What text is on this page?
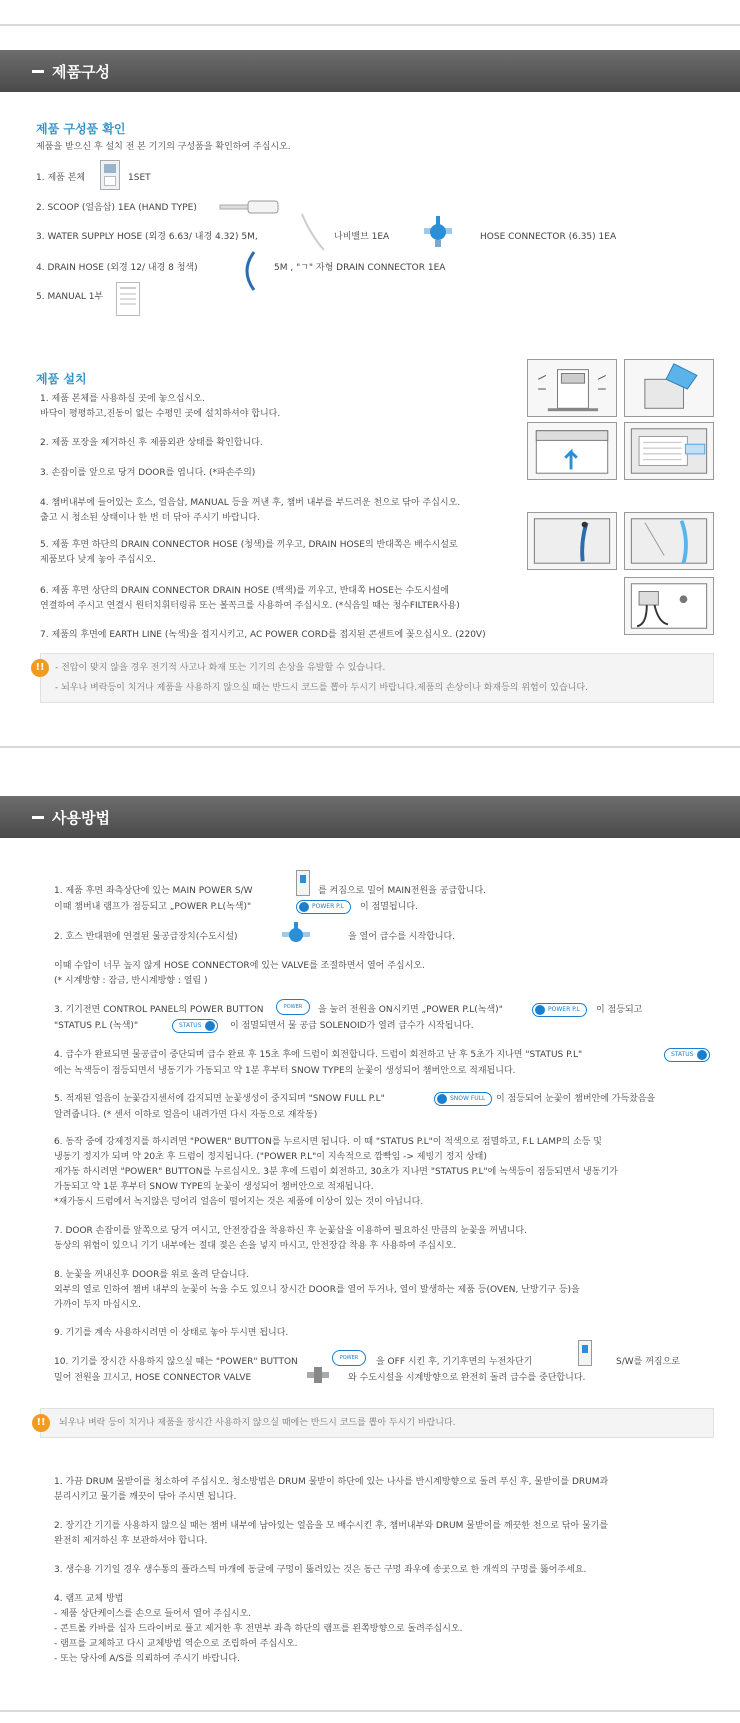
제품구성
제품 구성품 확인
제품을 받으신 후 설치 전 본 기기의 구성품을 확인하여 주십시오.
1. 제품 본체	1SET
2. SCOOP (얼음삽) 1EA (HAND TYPE)
3. WATER SUPPLY HOSE (외경 6.63/ 내경 4.32) 5M,	나비밸브 1EA	HOSE CONNECTOR (6.35) 1EA
4. DRAIN HOSE (외경 12/ 내경 8 청색)	5M , "ㄱ" 자형 DRAIN CONNECTOR 1EA
5. MANUAL 1부
제품 설치
1. 제품 본체를 사용하실 곳에 놓으십시오.
바닥이 평평하고,진동이 없는 수평인 곳에 설치하셔야 합니다.
2. 제품 포장을 제거하신 후 제품외관 상태를 확인합니다.
3. 손잡이를 앞으로 당겨 DOOR를 엽니다. (*파손주의)
4. 챔버내부에 들어있는 호스, 얼음삽, MANUAL 등을 꺼낸 후, 챔버 내부를 부드러운 천으로 닦아 주십시오.
출고 시 청소된 상태이나 한 번 더 닦아 주시기 바랍니다.
5. 제품 후면 하단의 DRAIN CONNECTOR HOSE (청색)를 끼우고, DRAIN HOSE의 반대쪽은 배수시설로
제품보다 낮게 놓아 주십시오.
6. 제품 후면 상단의 DRAIN CONNECTOR DRAIN HOSE (백색)를 끼우고, 반대쪽 HOSE는 수도시설에
연결하여 주시고 연결시 원터치휘터링류 또는 볼꼭크를 사용하여 주십시오. (*식음일 때는 청수FILTER사용)
7. 제품의 후면에 EARTH LINE (녹색)을 접지시키고, AC POWER CORD를 접지된 콘센트에 꽂으십시오. (220V)
- 전압이 맞지 않을 경우 전기적 사고나 화재 또는 기기의 손상을 유발할 수 있습니다.
- 뇌우나 벼락등이 치거나 제품을 사용하지 않으실 때는 반드시 코드를 뽑아 두시기 바랍니다.제품의 손상이나 화재등의 위험이 있습니다.
!!
사용방법
1. 제품 후면 좌측상단에 있는 MAIN POWER S/W	를 켜짐으로 밀어 MAIN전원을 공급합니다.
이때 챔버내 램프가 점등되고 „POWER P.L(녹색)"	POWER P.L	이 점멸됩니다.
2. 호스 반대편에 연결된 물공급장치(수도시설)	을 열어 급수를 시작합니다.
이때 수압이 너무 높지 않게 HOSE CONNECTOR에 있는 VALVE를 조절하면서 열어 주십시오.
(* 시계방향 : 잠금, 반시계방향 : 열림 )
3. 기기전면 CONTROL PANEL의 POWER BUTTON	POWER	을 눌러 전원을 ON시키면 „POWER P.L(녹색)"	POWER P.L	이 점등되고
"STATUS P.L (녹색)"	STATUS	이 점멸되면서 물 공급 SOLENOID가 열려 급수가 시작됩니다.
4. 급수가 완료되면 물공급이 중단되며 급수 완료 후 15초 후에 드럼이 회전합니다. 드럼이 회전하고 난 후 5초가 지나면 "STATUS P.L"	STATUS
에는 녹색등이 점등되면서 냉동기가 가동되고 약 1분 후부터 SNOW TYPE의 눈꽃이 생성되어 챔버안으로 적재됩니다.
5. 적재된 얼음이 눈꽃감지센서에 감지되면 눈꽃생성이 중지되며 "SNOW FULL P.L"	SNOW FULL	이 점등되어 눈꽃이 챔버안에 가득찼음을
알려줍니다. (* 센서 이하로 얼음이 내려가면 다시 자동으로 재작동)
6. 동작 중에 강제정지를 하시려면 "POWER" BUTTON를 누르시면 됩니다. 이 때 "STATUS P.L"이 적색으로 점멸하고, F.L LAMP의 소등 및
냉동기 정지가 되며 약 20초 후 드럼이 정지됩니다. ("POWER P.L"이 지속적으로 깜빡임 -> 제빙기 정지 상태)
재가동 하시려면 "POWER" BUTTON를 누르십시오. 3분 후에 드럼이 회전하고, 30초가 지나면 "STATUS P.L"에 녹색등이 점등되면서 냉동기가
가동되고 약 1분 후부터 SNOW TYPE의 눈꽃이 생성되어 챔버안으로 적재됩니다.
*재가동시 드럼에서 녹지않은 덩어리 얼음이 떨어지는 것은 제품에 이상이 있는 것이 아닙니다.
7. DOOR 손잡이를 앞쪽으로 당겨 여시고, 안전장갑을 착용하신 후 눈꽃삽을 이용하여 필요하신 만큼의 눈꽃을 꺼냅니다.
동상의 위험이 있으니 기기 내부에는 절대 젖은 손을 넣지 마시고, 안전장갑 착용 후 사용하여 주십시오.
8. 눈꽃을 꺼내신후 DOOR를 위로 올려 닫습니다.
외부의 열로 인하여 챔버 내부의 눈꽃이 녹을 수도 있으니 장시간 DOOR를 열어 두거나, 열이 발생하는 제품 등(OVEN, 난방기구 등)을
가까이 두지 마십시오.
9. 기기를 계속 사용하시려면 이 상태로 놓아 두시면 됩니다.
10. 기기를 장시간 사용하지 않으실 때는 "POWER" BUTTON	POWER	을 OFF 시킨 후, 기기후면의 누전차단기	S/W를 꺼짐으로
밀어 전원을 끄시고, HOSE CONNECTOR VALVE	와 수도시설을 시계방향으로 완전히 돌려 급수를 중단합니다.
뇌우나 벼락 등이 치거나 제품을 장시간 사용하지 않으실 때에는 반드시 코드를 뽑아 두시기 바랍니다.
!!
1. 가끔 DRUM 물받이를 청소하여 주십시오. 청소방법은 DRUM 물받이 하단에 있는 나사를 반시계방향으로 돌려 푸신 후, 물받이를 DRUM과
분리시키고 물기를 깨끗이 닦아 주시면 됩니다.
2. 장기간 기기를 사용하지 않으실 때는 챔버 내부에 남아있는 얼음을 모 배수시킨 후, 챔버내부와 DRUM 물받이를 깨끗한 천으로 닦아 물기를
완전히 제거하신 후 보관하셔야 합니다.
3. 생수용 기기일 경우 생수통의 플라스틱 마개에 동글에 구멍이 뚫려있는 것은 동근 구멍 좌우에 송곳으로 한 개씩의 구멍를 뚫어주세요.
4. 램프 교체 방법
- 제품 상단케이스를 손으로 들어서 열어 주십시오.
- 콘트롤 카바를 십자 드라이버로 풀고 제거한 후 전면부 좌측 하단의 램프를 왼쪽방향으로 돌려주십시오.
- 램프를 교체하고 다시 교체방법 역순으로 조립하여 주십시오.
- 또는 당사에 A/S를 의뢰하여 주시기 바랍니다.
